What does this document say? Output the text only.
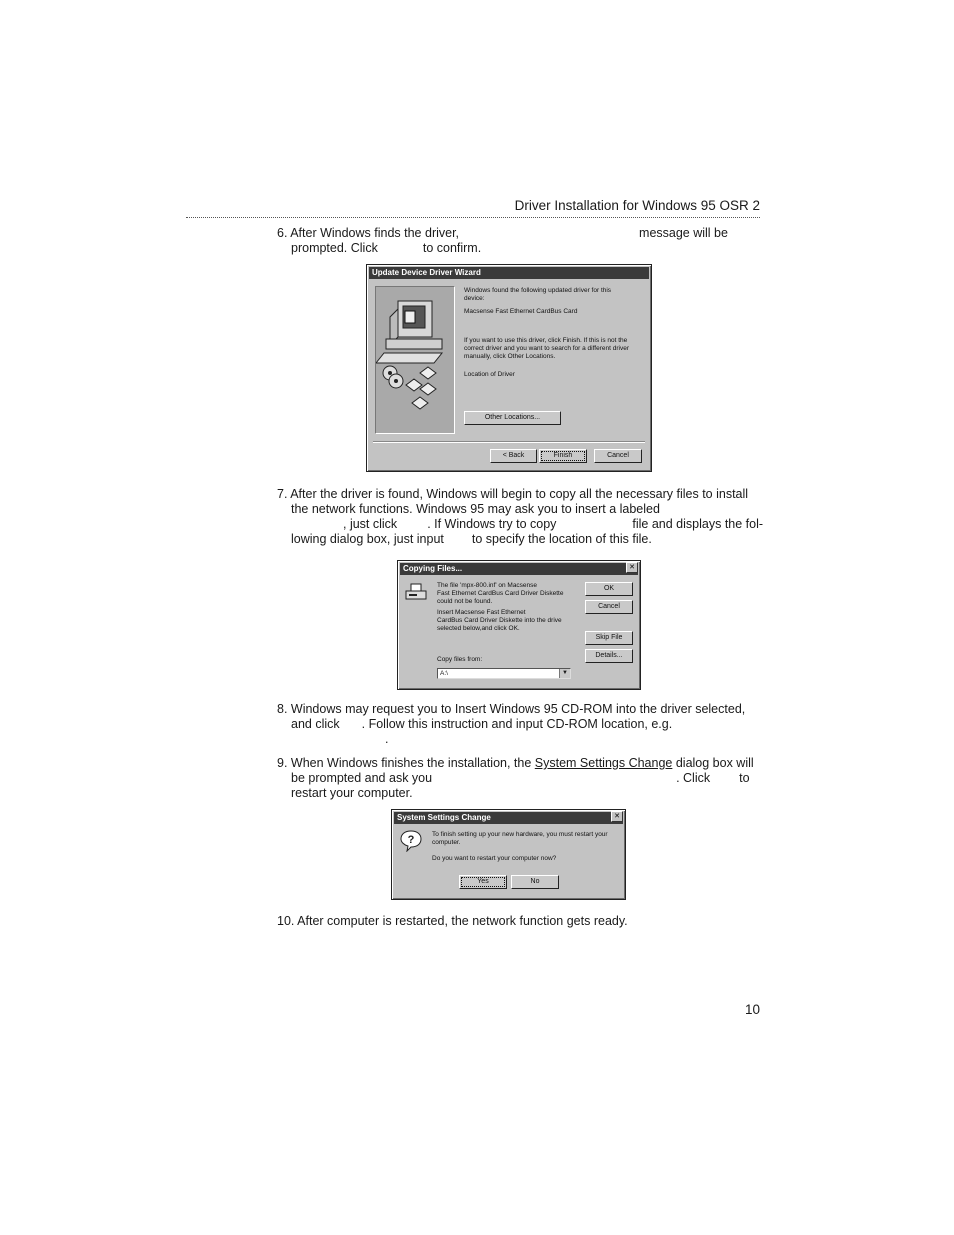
Driver Installation for Windows 95 OSR 2
6. After Windows finds the driver,	message will be
prompted. Click	to confirm.
Update Device Driver Wizard
Windows found the following updated driver for this
device:
Macsense Fast Ethernet CardBus Card
If you want to use this driver, click Finish. If this is not the
correct driver and you want to search for a different driver
manually, click Other Locations.
Location of Driver
Other Locations...
< Back	Finish	Cancel
7. After the driver is found, Windows will begin to copy all the necessary files to install
the network functions. Windows 95 may ask you to insert a labeled
, just click . If Windows try to copy	file and displays the fol-
lowing dialog box, just input to specify the location of this file.
Copying Files...	✕
The file 'mpx-800.inf' on Macsense
Fast Ethernet CardBus Card Driver Diskette
could not be found.
Insert Macsense Fast Ethernet
CardBus Card Driver Diskette into the drive
selected below,and click OK.
Copy files from:
A:\	▼
OK
Cancel
Skip File
Details...
8. Windows may request you to Insert Windows 95 CD-ROM into the driver selected,
and click . Follow this instruction and input CD-ROM location, e.g.
.
9. When Windows finishes the installation, the System Settings Change dialog box will
be prompted and ask you	. Click to
restart your computer.
System Settings Change	✕
?	To finish setting up your new hardware, you must restart your
computer.
Do you want to restart your computer now?
Yes	No
10. After computer is restarted, the network function gets ready.
10
